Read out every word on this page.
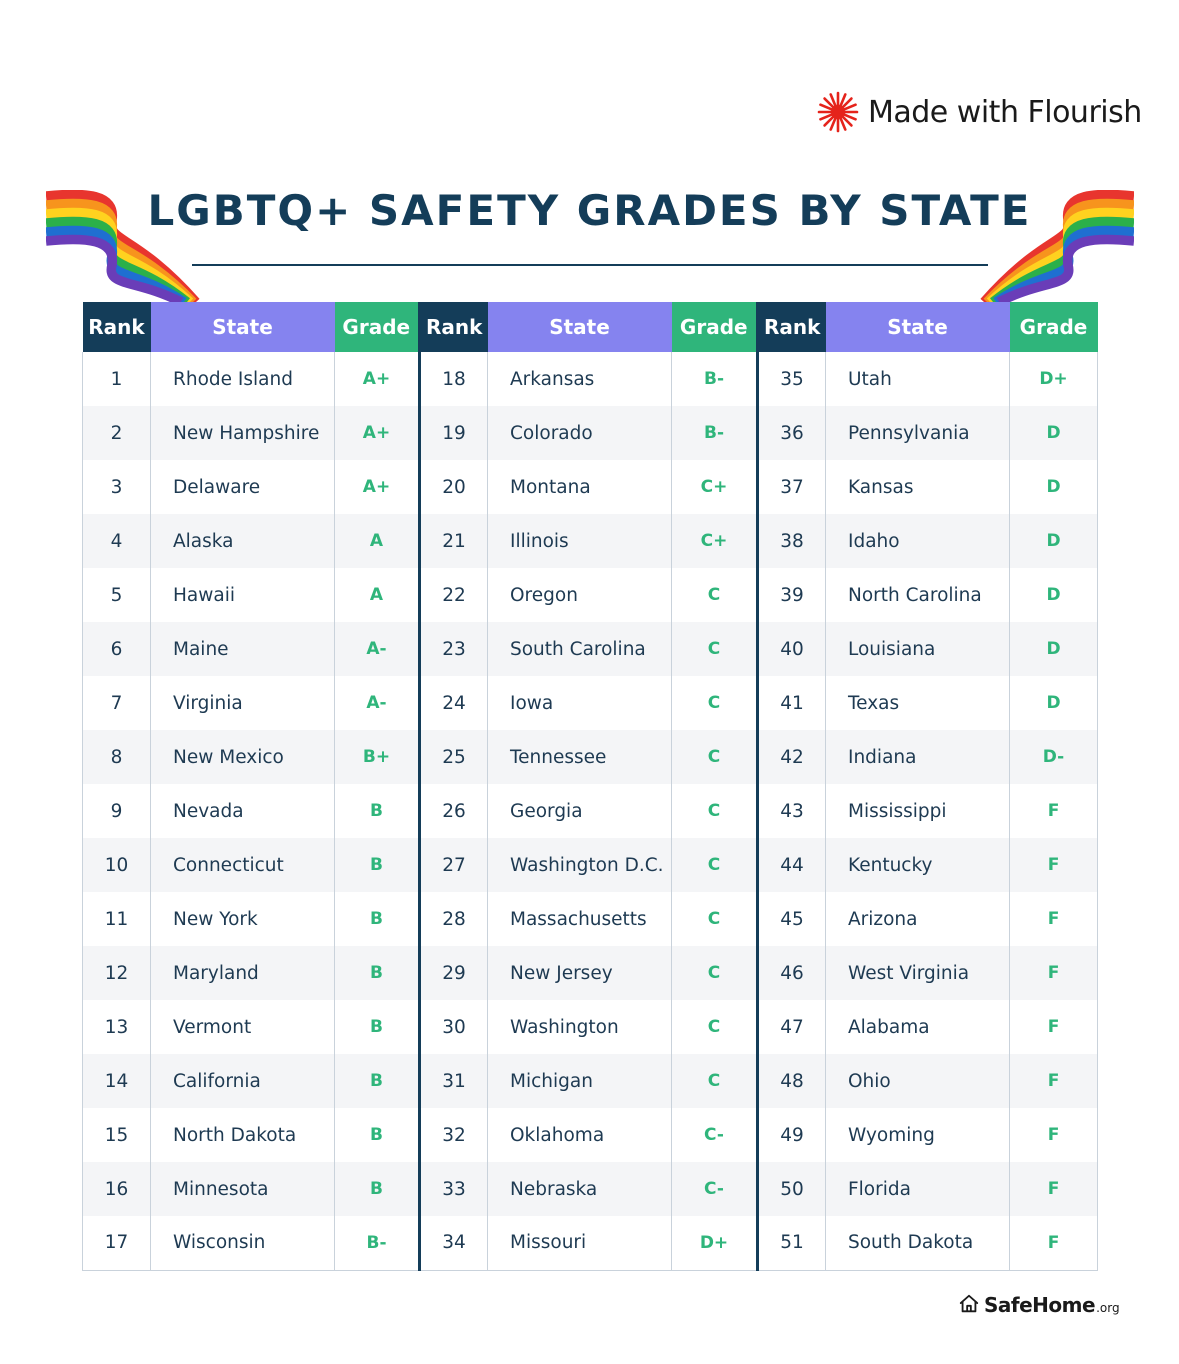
Made with Flourish
LGBTQ+ SAFETY GRADES BY STATE
Rank	State	Grade	Rank	State	Grade	Rank	State	Grade
1	Rhode Island	A+	18	Arkansas	B-	35	Utah	D+
2	New Hampshire	A+	19	Colorado	B-	36	Pennsylvania	D
3	Delaware	A+	20	Montana	C+	37	Kansas	D
4	Alaska	A	21	Illinois	C+	38	Idaho	D
5	Hawaii	A	22	Oregon	C	39	North Carolina	D
6	Maine	A-	23	South Carolina	C	40	Louisiana	D
7	Virginia	A-	24	Iowa	C	41	Texas	D
8	New Mexico	B+	25	Tennessee	C	42	Indiana	D-
9	Nevada	B	26	Georgia	C	43	Mississippi	F
10	Connecticut	B	27	Washington D.C.	C	44	Kentucky	F
11	New York	B	28	Massachusetts	C	45	Arizona	F
12	Maryland	B	29	New Jersey	C	46	West Virginia	F
13	Vermont	B	30	Washington	C	47	Alabama	F
14	California	B	31	Michigan	C	48	Ohio	F
15	North Dakota	B	32	Oklahoma	C-	49	Wyoming	F
16	Minnesota	B	33	Nebraska	C-	50	Florida	F
17	Wisconsin	B-	34	Missouri	D+	51	South Dakota	F
SafeHome .org
